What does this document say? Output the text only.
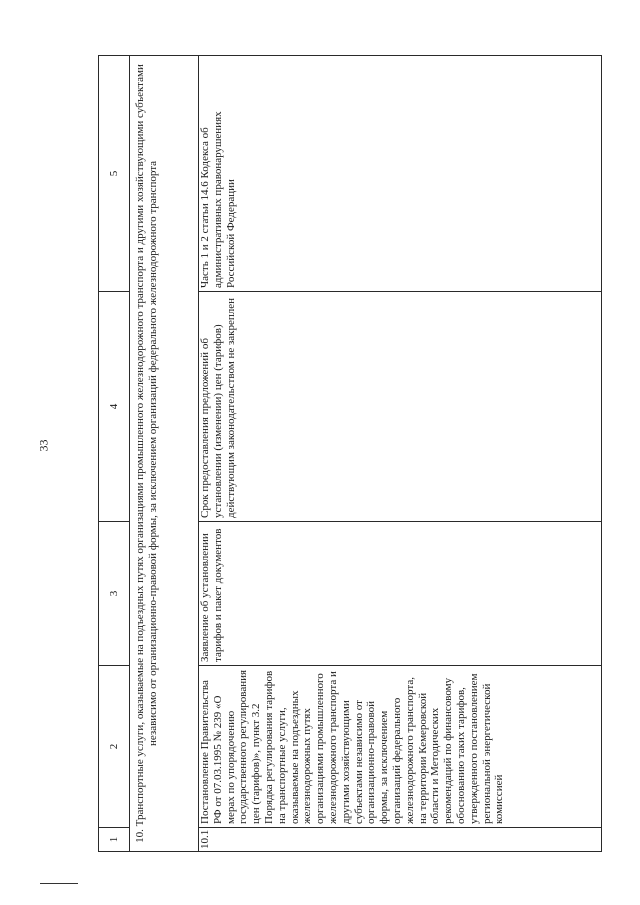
33
1	2	3	4	5
10. Транспортные услуги, оказываемые на подъездных путях организациями промышленного железнодорожного транспорта и другими хозяйствующими субъектами независимо от организационно-правовой формы, за исключением организаций федерального железнодорожного транспорта				
10.1	Постановление Правительства РФ от 07.03.1995 № 239 «О мерах по упорядочению государственного регулирования цен (тарифов)», пункт 3.2 Порядка регулирования тарифов на транспортные услуги, оказываемые на подъездных железнодорожных путях организациями промышленного железнодорожного транспорта и другими хозяйствующими субъектами независимо от организационно-правовой формы, за исключением организаций федерального железнодорожного транспорта, на территории Кемеровской области и Методических рекомендаций по финансовому обоснованию таких тарифов, утвержденного постановлением региональной энергетической комиссией	Заявление об установлении тарифов и пакет документов	Срок предоставления предложений об установлении (изменении) цен (тарифов) действующим законодательством не закреплен	Часть 1 и 2 статьи 14.6 Кодекса об административных правонарушениях Российской Федерации
